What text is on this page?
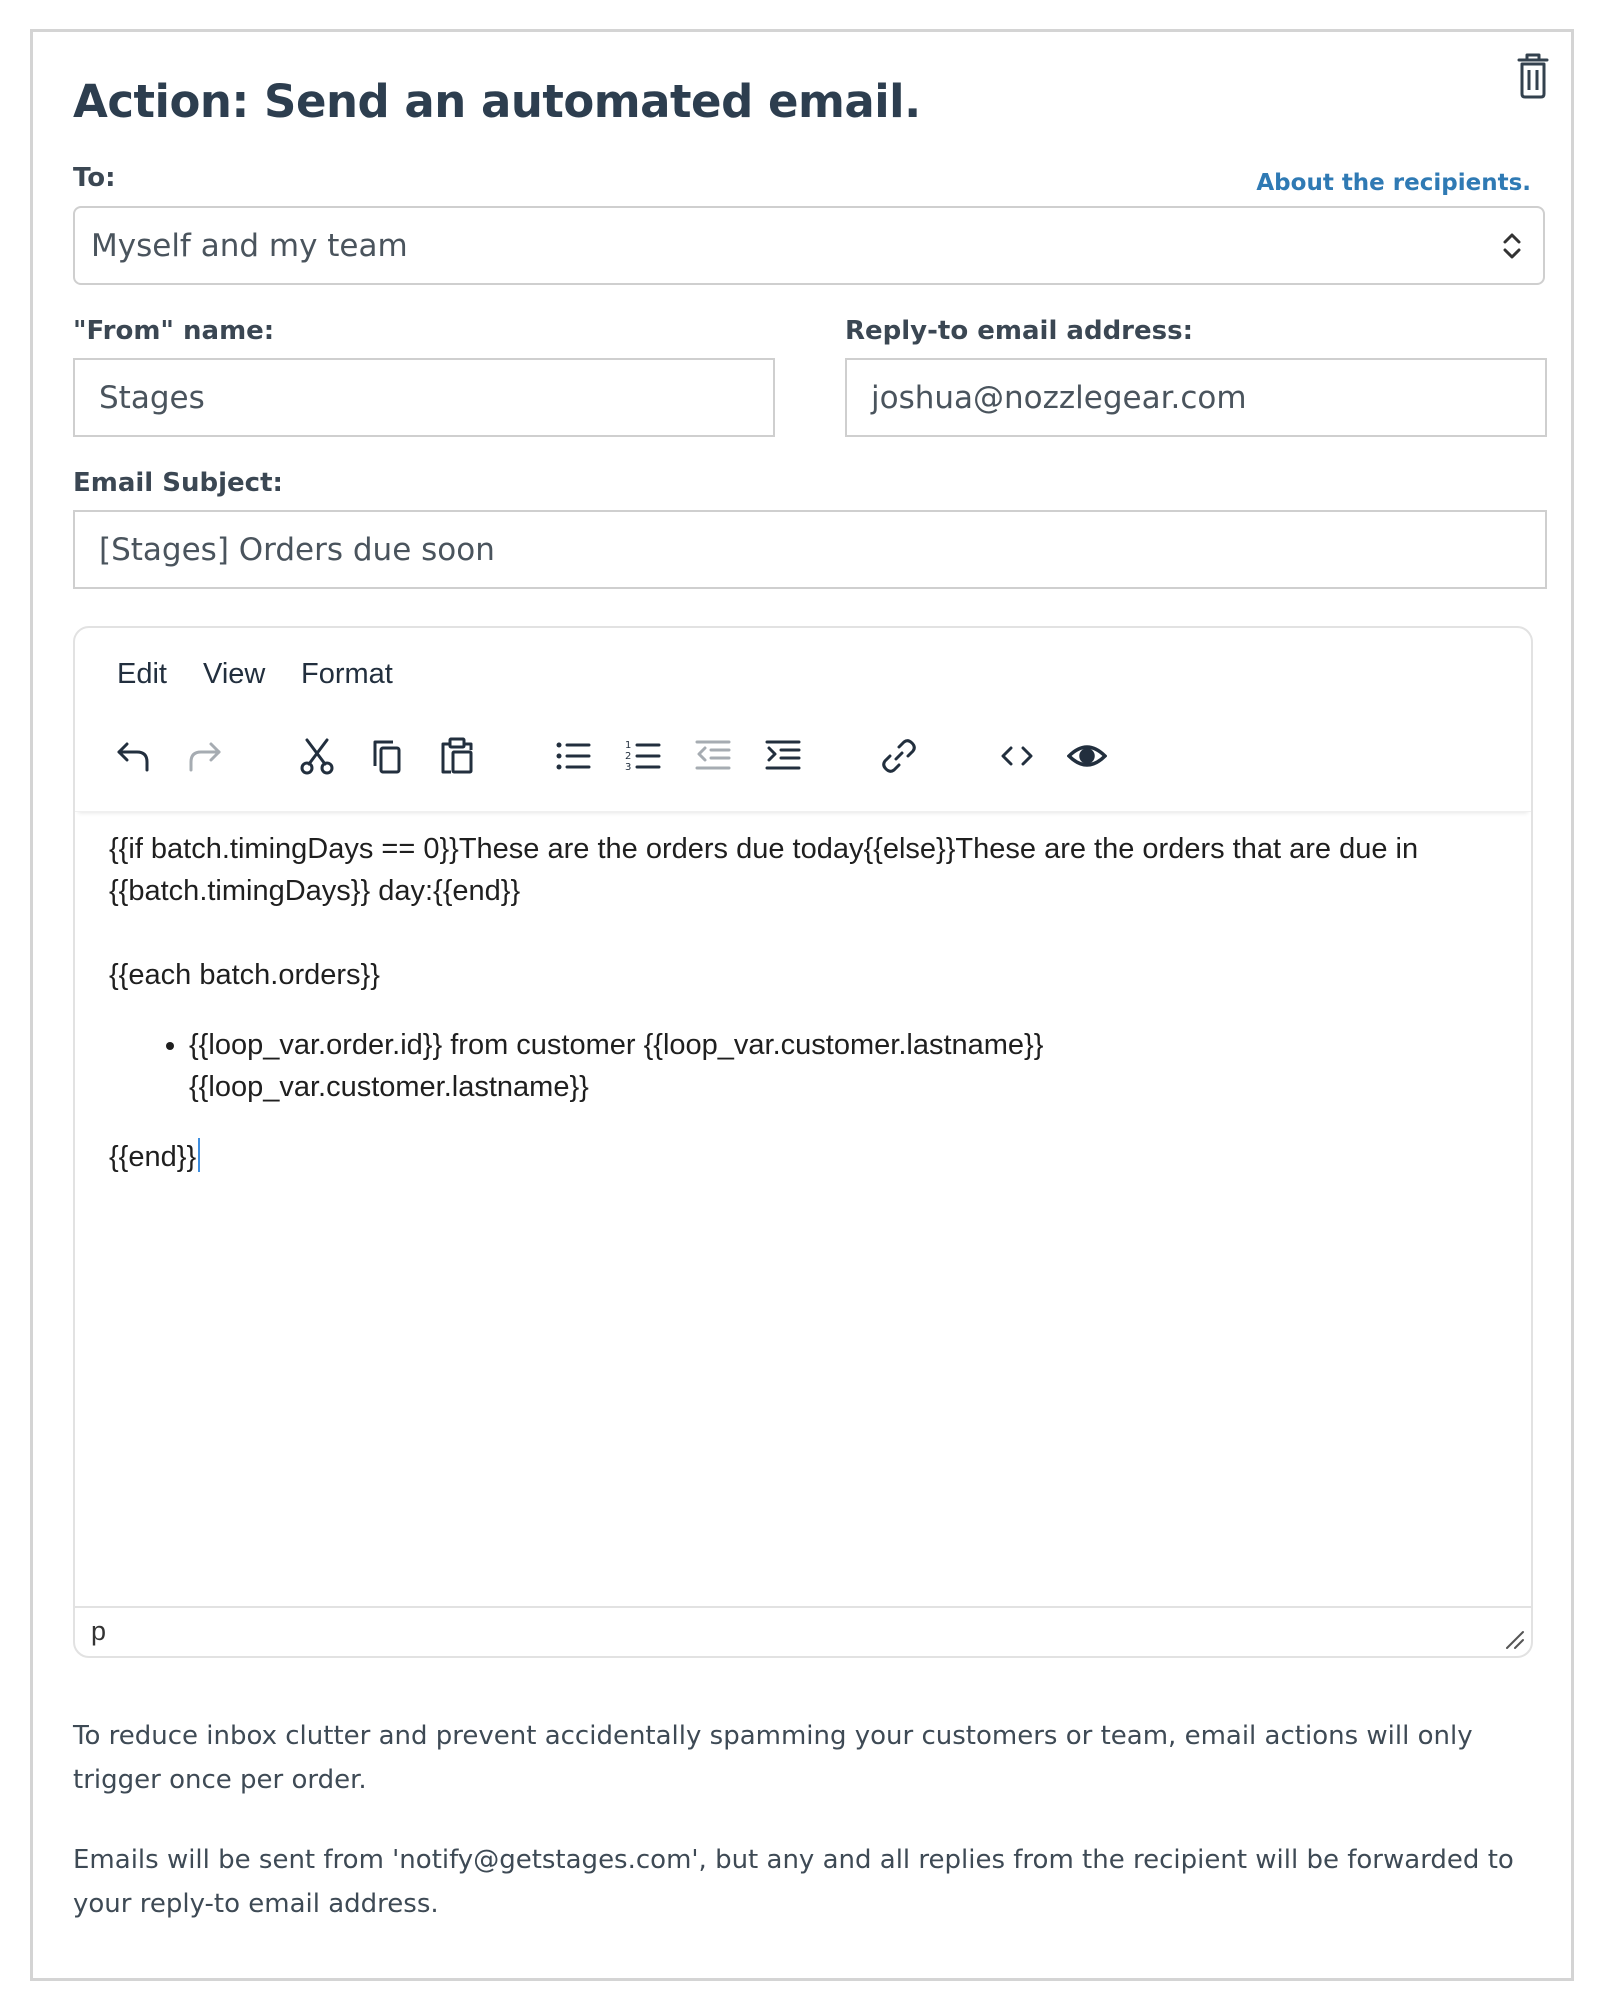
Action: Send an automated email.
To:	About the recipients.
Myself and my team
"From" name:
Stages
Reply-to email address:
joshua@nozzlegear.com
Email Subject:
[Stages] Orders due soon
Edit View Format
1
2
3

{{if batch.timingDays == 0}}These are the orders due today{{else}}These are the orders that are due in {{batch.timingDays}} day:{{end}}

{{each batch.orders}}

• {{loop_var.order.id}} from customer {{loop_var.customer.lastname}}
{{loop_var.customer.lastname}}

{{end}}

p

To reduce inbox clutter and prevent accidentally spamming your customers or team, email actions will only trigger once per order.

Emails will be sent from 'notify@getstages.com', but any and all replies from the recipient will be forwarded to your reply-to email address.
